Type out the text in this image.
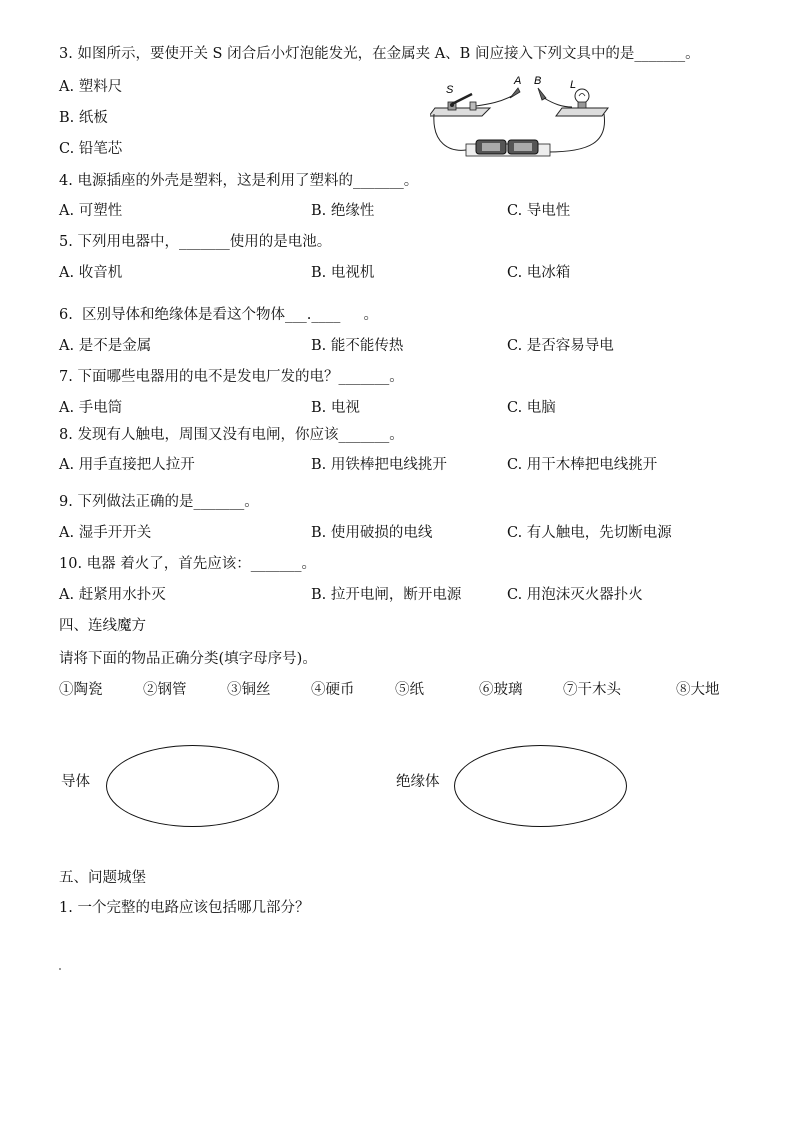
3. 如图所示，要使开关 S 闭合后小灯泡能发光，在金属夹 A、B 间应接入下列文具中的是_______。
A. 塑料尺
B. 纸板
C. 铅笔芯
S
A B	L
4. 电源插座的外壳是塑料，这是利用了塑料的_______。
A. 可塑性	B. 绝缘性	C. 导电性
5. 下列用电器中，_______使用的是电池。
A. 收音机	B. 电视机	C. 电冰箱
6.  区别导体和绝缘体是看这个物体___.____     。
A. 是不是金属	B. 能不能传热	C. 是否容易导电
7. 下面哪些电器用的电不是发电厂发的电？_______。
A. 手电筒	B. 电视	C. 电脑
8. 发现有人触电，周围又没有电闸，你应该_______。
A. 用手直接把人拉开	B. 用铁棒把电线挑开	C. 用干木棒把电线挑开
9. 下列做法正确的是_______。
A. 湿手开开关	B. 使用破损的电线	C. 有人触电，先切断电源
10. 电器 着火了，首先应该：_______。
A. 赶紧用水扑灭	B. 拉开电闸，断开电源	C. 用泡沫灭火器扑火
四、连线魔方
请将下面的物品正确分类(填字母序号)。
①陶瓷	②钢管	③铜丝	④硬币	⑤纸	⑥玻璃	⑦干木头	⑧大地
导体	绝缘体
五、问题城堡
1. 一个完整的电路应该包括哪几部分？
